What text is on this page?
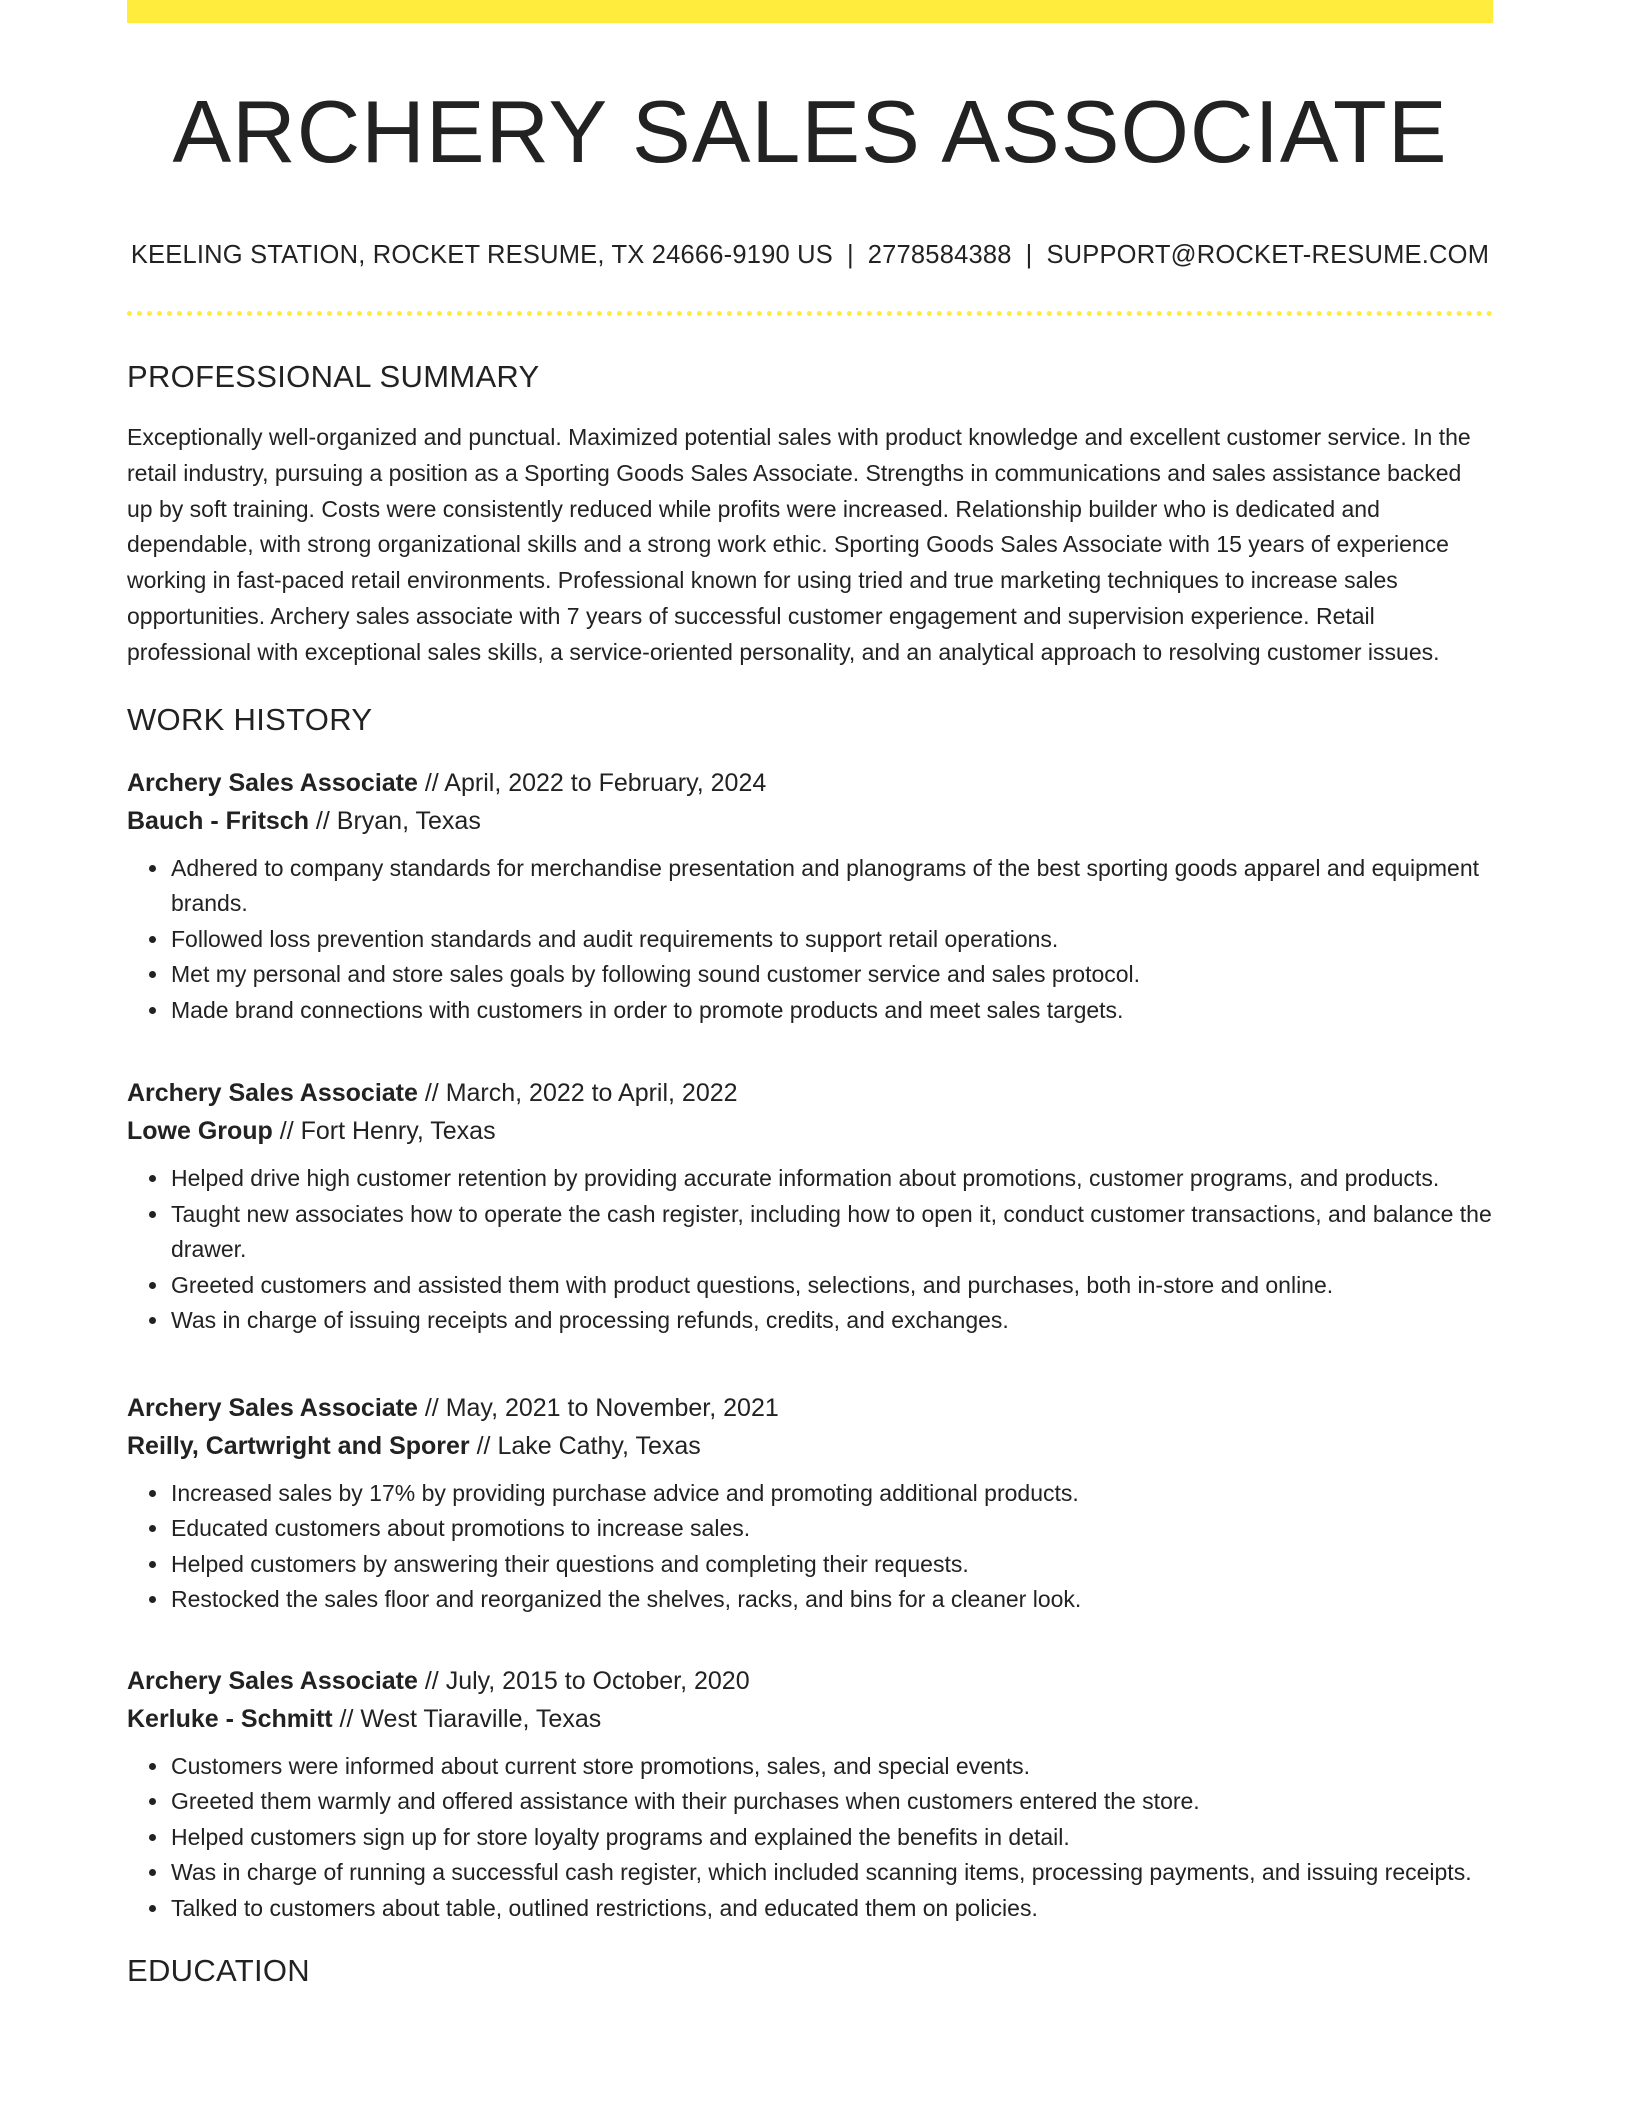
ARCHERY SALES ASSOCIATE
KEELING STATION, ROCKET RESUME, TX 24666-9190 US | 2778584388 | SUPPORT@ROCKET-RESUME.COM
PROFESSIONAL SUMMARY
Exceptionally well-organized and punctual. Maximized potential sales with product knowledge and excellent customer service. In the retail industry, pursuing a position as a Sporting Goods Sales Associate. Strengths in communications and sales assistance backed up by soft training. Costs were consistently reduced while profits were increased. Relationship builder who is dedicated and dependable, with strong organizational skills and a strong work ethic. Sporting Goods Sales Associate with 15 years of experience working in fast-paced retail environments. Professional known for using tried and true marketing techniques to increase sales opportunities. Archery sales associate with 7 years of successful customer engagement and supervision experience. Retail professional with exceptional sales skills, a service-oriented personality, and an analytical approach to resolving customer issues.
WORK HISTORY
Archery Sales Associate // April, 2022 to February, 2024
Bauch - Fritsch // Bryan, Texas
• Adhered to company standards for merchandise presentation and planograms of the best sporting goods apparel and equipment brands.
• Followed loss prevention standards and audit requirements to support retail operations.
• Met my personal and store sales goals by following sound customer service and sales protocol.
• Made brand connections with customers in order to promote products and meet sales targets.
Archery Sales Associate // March, 2022 to April, 2022
Lowe Group // Fort Henry, Texas
• Helped drive high customer retention by providing accurate information about promotions, customer programs, and products.
• Taught new associates how to operate the cash register, including how to open it, conduct customer transactions, and balance the drawer.
• Greeted customers and assisted them with product questions, selections, and purchases, both in-store and online.
• Was in charge of issuing receipts and processing refunds, credits, and exchanges.
Archery Sales Associate // May, 2021 to November, 2021
Reilly, Cartwright and Sporer // Lake Cathy, Texas
• Increased sales by 17% by providing purchase advice and promoting additional products.
• Educated customers about promotions to increase sales.
• Helped customers by answering their questions and completing their requests.
• Restocked the sales floor and reorganized the shelves, racks, and bins for a cleaner look.
Archery Sales Associate // July, 2015 to October, 2020
Kerluke - Schmitt // West Tiaraville, Texas
• Customers were informed about current store promotions, sales, and special events.
• Greeted them warmly and offered assistance with their purchases when customers entered the store.
• Helped customers sign up for store loyalty programs and explained the benefits in detail.
• Was in charge of running a successful cash register, which included scanning items, processing payments, and issuing receipts.
• Talked to customers about table, outlined restrictions, and educated them on policies.
EDUCATION
